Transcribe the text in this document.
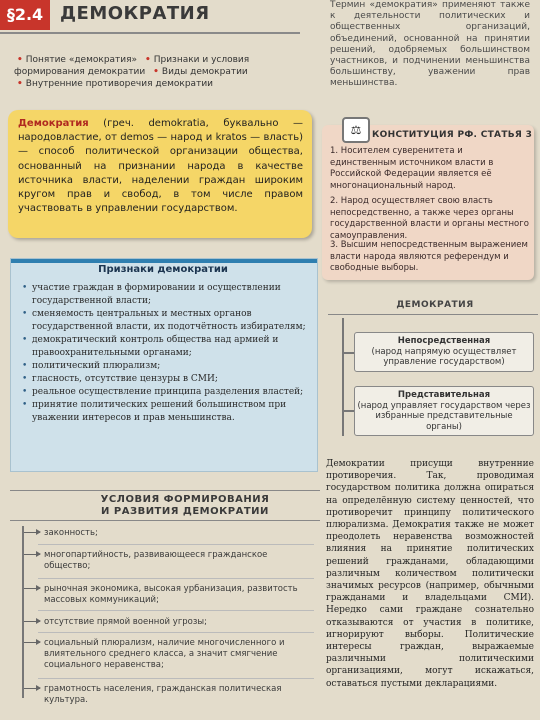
§2.4 ДЕМОКРАТИЯ
• Понятие «демократия» • Признаки и условия формирования демократии • Виды демократии • Внутренние противоречия демократии
Термин «демократия» применяют также к деятельности политических и общественных организаций, объединений, основанной на принятии решений, одобряемых большинством участников, и подчинении меньшинства большинству, уважении прав меньшинства.
Демократия (греч. demokratia, буквально — народовластие, от demos — народ и kratos — власть) — способ политической организации общества, основанный на признании народа в качестве источника власти, наделении граждан широким кругом прав и свобод, в том числе правом участвовать в управлении государством.
⚖	КОНСТИТУЦИЯ РФ. СТАТЬЯ 3
1. Носителем суверенитета и единственным источником власти в Российской Федерации является её многонациональный народ.
2. Народ осуществляет свою власть непосредственно, а также через органы государственной власти и органы местного самоуправления.
3. Высшим непосредственным выражением власти народа являются референдум и свободные выборы.
Признаки демократии
• участие граждан в формировании и осуществлении государственной власти;
• сменяемость центральных и местных органов государственной власти, их подотчётность избирателям;
• демократический контроль общества над армией и правоохранительными органами;
• политический плюрализм;
• гласность, отсутствие цензуры в СМИ;
• реальное осуществление принципа разделения властей;
• принятие политических решений большинством при уважении интересов и прав меньшинства.
ДЕМОКРАТИЯ
Непосредственная
(народ напрямую осуществляет управление государством)
Представительная
(народ управляет государством через избранные представительные органы)
УСЛОВИЯ ФОРМИРОВАНИЯ
И РАЗВИТИЯ ДЕМОКРАТИИ
законность;
многопартийность, развивающееся гражданское общество;
рыночная экономика, высокая урбанизация, развитость массовых коммуникаций;
отсутствие прямой военной угрозы;
социальный плюрализм, наличие многочисленного и влиятельного среднего класса, а значит смягчение социального неравенства;
грамотность населения, гражданская политическая культура.
Демократии присущи внутренние противоречия. Так, проводимая государством политика должна опираться на определённую систему ценностей, что противоречит принципу политического плюрализма. Демократия также не может преодолеть неравенства возможностей влияния на принятие политических решений гражданами, обладающими различным количеством политически значимых ресурсов (например, обычными гражданами и владельцами СМИ). Нередко сами граждане сознательно отказываются от участия в политике, игнорируют выборы. Политические интересы граждан, выражаемые различными политическими организациями, могут искажаться, оставаться пустыми декларациями.
